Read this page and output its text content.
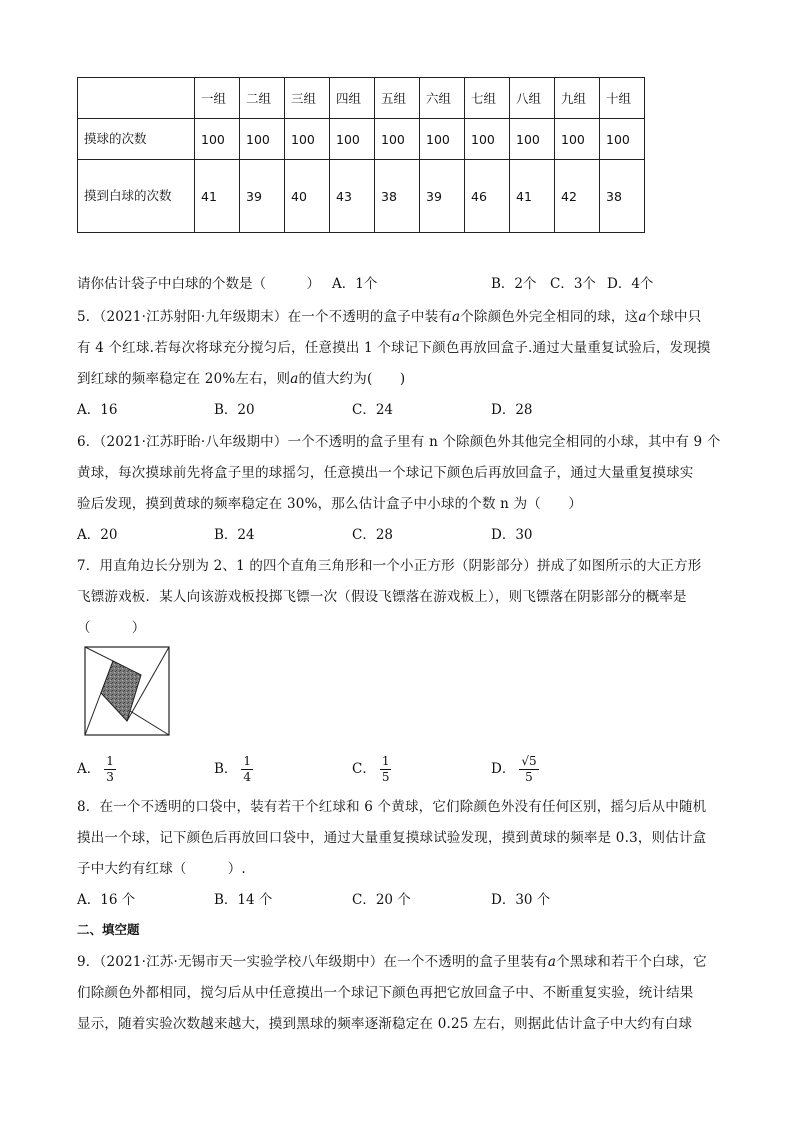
	一组	二组	三组	四组	五组	六组	七组	八组	九组	十组
摸球的次数	100	100	100	100	100	100	100	100	100	100
摸到白球的次数	41	39	40	43	38	39	46	41	42	38
请你估计袋子中白球的个数是（　　　） A．1个	B．2个 C．3个 D．4个
5．（2021·江苏射阳·九年级期末）在一个不透明的盒子中装有a个除颜色外完全相同的球，这a个球中只
有 4 个红球.若每次将球充分搅匀后，任意摸出 1 个球记下颜色再放回盒子.通过大量重复试验后，发现摸
到红球的频率稳定在 20%左右，则a的值大约为(　　)
A．16	B．20	C．24	D．28
6．（2021·江苏盱眙·八年级期中）一个不透明的盒子里有 n 个除颜色外其他完全相同的小球，其中有 9 个
黄球，每次摸球前先将盒子里的球摇匀，任意摸出一个球记下颜色后再放回盒子，通过大量重复摸球实
验后发现，摸到黄球的频率稳定在 30%，那么估计盒子中小球的个数 n 为（　　）
A．20	B．24	C．28	D．30
7．用直角边长分别为 2、1 的四个直角三角形和一个小正方形（阴影部分）拼成了如图所示的大正方形
飞镖游戏板．某人向该游戏板投掷飞镖一次（假设飞镖落在游戏板上），则飞镖落在阴影部分的概率是
（　　　）
A． $\frac{1}{3}$	B． $\frac{1}{4}$	C． $\frac{1}{5}$	D． $\frac{√5}{5}$
8．在一个不透明的口袋中，装有若干个红球和 6 个黄球，它们除颜色外没有任何区别，摇匀后从中随机
摸出一个球，记下颜色后再放回口袋中，通过大量重复摸球试验发现，摸到黄球的频率是 0.3，则估计盒
子中大约有红球（　　　）.
A．16 个	B．14 个	C．20 个	D．30 个
二、填空题
9．（2021·江苏·无锡市天一实验学校八年级期中）在一个不透明的盒子里装有a个黑球和若干个白球，它
们除颜色外都相同，搅匀后从中任意摸出一个球记下颜色再把它放回盒子中、不断重复实验，统计结果
显示，随着实验次数越来越大，摸到黑球的频率逐渐稳定在 0.25 左右，则据此估计盒子中大约有白球
